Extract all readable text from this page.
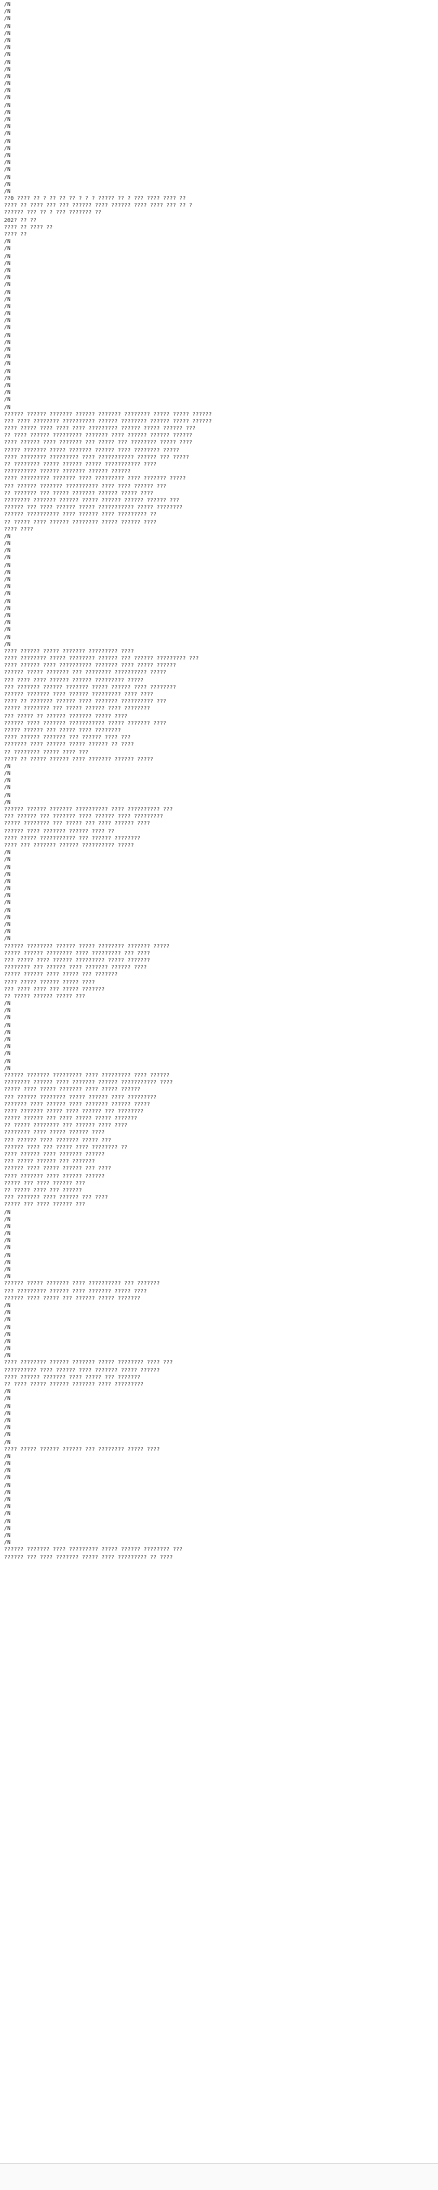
/N
/N
/N
/N
/N
/N
/N
/N
/N
/N
/N
/N
/N
/N
/N
/N
/N
/N
/N
/N
/N
/N
/N
/N
/N
/N
/N
??0 ???? ?? ? ?? ?? ?? ? ? ? ????? ?? ? ??? ???? ???? ??
???? ?? ???? ??? ??? ?????? ???? ?????? ???? ???? ??? ?? ?
?????? ??? ?? ? ??? ??????? ??
202? ?? ??
???? ?? ???? ??
???? ??
/N
/N
/N
/N
/N
/N
/N
/N
/N
/N
/N
/N
/N
/N
/N
/N
/N
/N
/N
/N
/N
/N
/N
/N
?????? ?????? ??????? ?????? ??????? ???????? ????? ????? ??????
??? ???? ???????? ?????????? ?????? ???????? ?????? ????? ??????
???? ????? ???? ???? ???? ????????? ?????? ????? ?????? ???
?? ???? ?????? ????????? ??????? ???? ?????? ?????? ??????
???? ?????? ???? ??????? ??? ????? ??? ???????? ????? ????
????? ??????? ????? ??????? ?????? ???? ???????? ?????
???? ???????? ????????? ???? ??????????? ?????? ??? ?????
?? ???????? ????? ?????? ????? ??????????? ????
?????????? ?????? ??????? ?????? ??????
???? ????????? ??????? ???? ????????? ???? ??????? ?????
??? ?????? ??????? ?????????? ???? ???? ?????? ???
?? ??????? ??? ????? ??????? ?????? ????? ????
???????? ??????? ?????? ????? ?????? ?????? ?????? ???
?????? ??? ???? ?????? ????? ??????????? ????? ????????
?????? ?????????? ???? ?????? ???? ????????? ??
?? ????? ???? ?????? ???????? ????? ?????? ????
???? ????
/N
/N
/N
/N
/N
/N
/N
/N
/N
/N
/N
/N
/N
/N
/N
/N
???? ?????? ????? ??????? ????????? ????
???? ???????? ????? ???????? ?????? ??? ?????? ????????? ???
???? ?????? ???? ?????????? ??????? ???? ????? ??????
?????? ????? ??????? ??? ???????? ?????????? ?????
??? ???? ???? ?????? ?????? ????????? ?????
??? ??????? ?????? ??????? ????? ?????? ???? ????????
?????? ??????? ???? ?????? ????????? ???? ????
???? ?? ??????? ?????? ???? ??????? ?????????? ???
????? ???????? ??? ????? ?????? ???? ????????
??? ????? ?? ?????? ??????? ????? ????
?????? ???? ??????? ??????????? ????? ??????? ????
????? ?????? ??? ????? ???? ????????
???? ?????? ??????? ??? ?????? ???? ???
??????? ???? ?????? ????? ?????? ?? ????
?? ???????? ????? ???? ???
???? ?? ????? ?????? ???? ??????? ?????? ?????
/N
/N
/N
/N
/N
/N
?????? ?????? ??????? ?????????? ???? ?????????? ???
??? ?????? ??? ??????? ???? ?????? ???? ?????????
????? ???????? ??? ????? ??? ???? ?????? ????
?????? ???? ??????? ?????? ???? ??
???? ????? ??????????? ??? ?????? ????????
???? ??? ??????? ?????? ?????????? ?????
/N
/N
/N
/N
/N
/N
/N
/N
/N
/N
/N
/N
/N
?????? ???????? ?????? ????? ???????? ??????? ?????
????? ?????? ???????? ???? ????????? ??? ????
??? ????? ???? ?????? ????????? ????? ???????
???????? ??? ?????? ???? ??????? ?????? ????
????? ?????? ???? ????? ??? ???????
???? ????? ?????? ????? ????
??? ???? ???? ??? ????? ???????
?? ????? ?????? ????? ???
/N
/N
/N
/N
/N
/N
/N
/N
/N
/N
?????? ??????? ????????? ???? ????????? ???? ??????
???????? ?????? ???? ??????? ?????? ??????????? ????
????? ???? ????? ??????? ???? ????? ??????
??? ?????? ???????? ????? ?????? ???? ?????????
??????? ???? ?????? ???? ??????? ?????? ?????
???? ??????? ????? ???? ?????? ??? ????????
????? ?????? ??? ???? ????? ????? ???????
?? ????? ???????? ??? ?????? ???? ????
???????? ???? ????? ?????? ????
??? ?????? ???? ??????? ????? ???
?????? ???? ??? ????? ???? ???????? ??
???? ?????? ???? ??????? ??????
??? ????? ?????? ??? ???????
?????? ???? ????? ?????? ??? ????
???? ??????? ???? ?????? ??????
????? ??? ???? ?????? ???
?? ????? ???? ??? ??????
??? ??????? ???? ?????? ??? ????
????? ??? ???? ?????? ???
/N
/N
/N
/N
/N
/N
/N
/N
/N
/N
?????? ????? ??????? ???? ?????????? ??? ???????
??? ????????? ?????? ???? ??????? ????? ????
?????? ???? ????? ??? ?????? ????? ???????
/N
/N
/N
/N
/N
/N
/N
/N
???? ???????? ?????? ??????? ????? ???????? ???? ???
?????????? ???? ?????? ???? ??????? ????? ??????
???? ?????? ??????? ???? ????? ??? ???????
?? ???? ????? ?????? ??????? ???? ?????????
/N
/N
/N
/N
/N
/N
/N
/N
???? ????? ?????? ?????? ??? ???????? ????? ????
/N
/N
/N
/N
/N
/N
/N
/N
/N
/N
/N
/N
/N
?????? ??????? ???? ????????? ????? ?????? ???????? ???
?????? ??? ???? ??????? ????? ???? ????????? ?? ????
